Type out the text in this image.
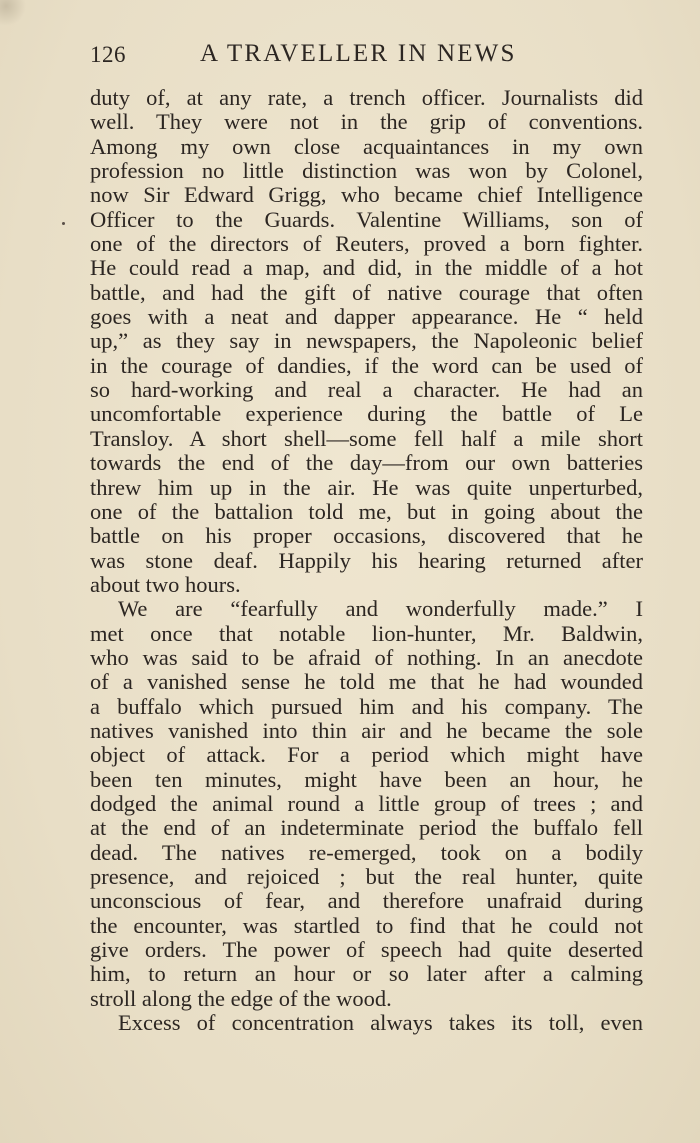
126	A TRAVELLER IN NEWS
duty of, at any rate, a trench officer. Journalists did
well. They were not in the grip of conventions.
Among my own close acquaintances in my own
profession no little distinction was won by Colonel,
now Sir Edward Grigg, who became chief Intelligence
Officer to the Guards. Valentine Williams, son of
one of the directors of Reuters, proved a born fighter.
He could read a map, and did, in the middle of a hot
battle, and had the gift of native courage that often
goes with a neat and dapper appearance. He “ held
up,” as they say in newspapers, the Napoleonic belief
in the courage of dandies, if the word can be used of
so hard-working and real a character. He had an
uncomfortable experience during the battle of Le
Transloy. A short shell—some fell half a mile short
towards the end of the day—from our own batteries
threw him up in the air. He was quite unperturbed,
one of the battalion told me, but in going about the
battle on his proper occasions, discovered that he
was stone deaf. Happily his hearing returned after
about two hours.
We are “fearfully and wonderfully made.” I
met once that notable lion-hunter, Mr. Baldwin,
who was said to be afraid of nothing. In an anecdote
of a vanished sense he told me that he had wounded
a buffalo which pursued him and his company. The
natives vanished into thin air and he became the sole
object of attack. For a period which might have
been ten minutes, might have been an hour, he
dodged the animal round a little group of trees ; and
at the end of an indeterminate period the buffalo fell
dead. The natives re-emerged, took on a bodily
presence, and rejoiced ; but the real hunter, quite
unconscious of fear, and therefore unafraid during
the encounter, was startled to find that he could not
give orders. The power of speech had quite deserted
him, to return an hour or so later after a calming
stroll along the edge of the wood.
Excess of concentration always takes its toll, even
